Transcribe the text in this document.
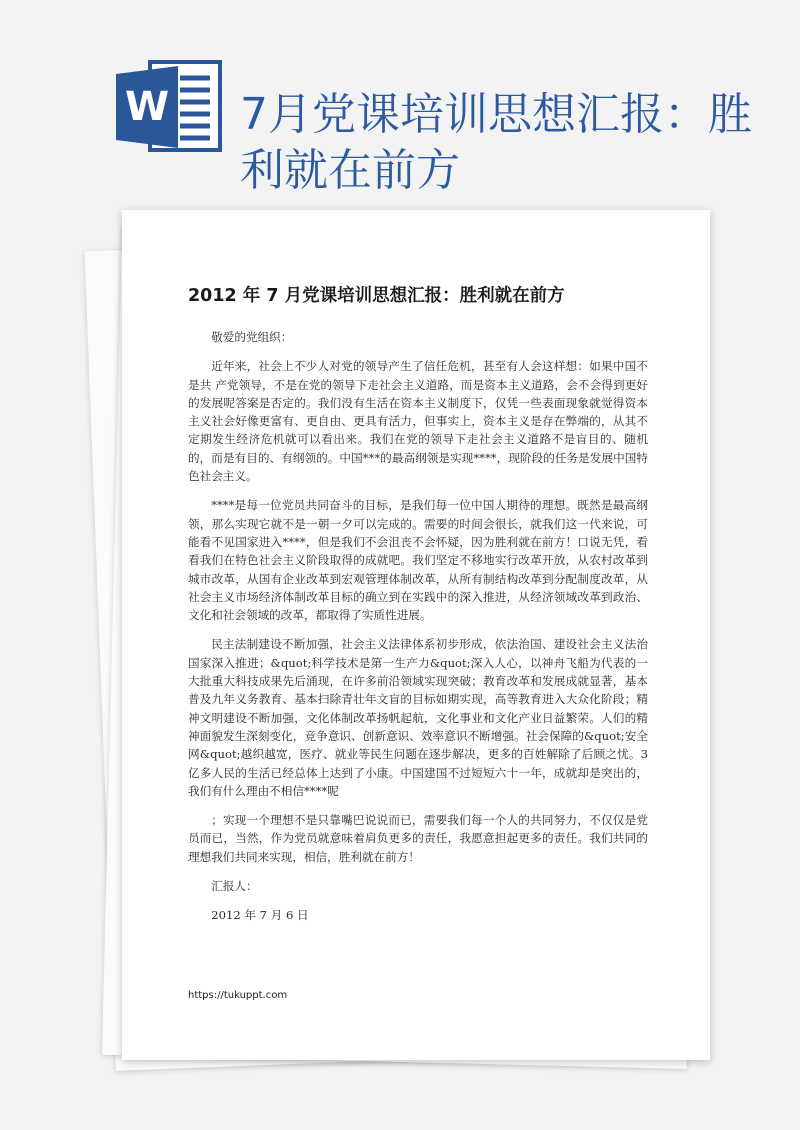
W 7月党课培训思想汇报：胜利就在前方
2012 年 7 月党课培训思想汇报：胜利就在前方

敬爱的党组织：

近年来，社会上不少人对党的领导产生了信任危机，甚至有人会这样想：如果中国不是共 产党领导，不是在党的领导下走社会主义道路，而是资本主义道路，会不会得到更好的发展呢答案是否定的。我们没有生活在资本主义制度下，仅凭一些表面现象就觉得资本主义社会好像更富有、更自由、更具有活力，但事实上，资本主义是存在弊端的，从其不定期发生经济危机就可以看出来。我们在党的领导下走社会主义道路不是盲目的、随机的，而是有目的、有纲领的。中国***的最高纲领是实现****，现阶段的任务是发展中国特色社会主义。

****是每一位党员共同奋斗的目标，是我们每一位中国人期待的理想。既然是最高纲领，那么实现它就不是一朝一夕可以完成的。需要的时间会很长，就我们这一代来说，可能看不见国家进入****，但是我们不会沮丧不会怀疑，因为胜利就在前方！口说无凭，看看我们在特色社会主义阶段取得的成就吧。我们坚定不移地实行改革开放，从农村改革到城市改革，从国有企业改革到宏观管理体制改革，从所有制结构改革到分配制度改革，从社会主义市场经济体制改革目标的确立到在实践中的深入推进，从经济领域改革到政治、文化和社会领域的改革，都取得了实质性进展。

民主法制建设不断加强，社会主义法律体系初步形成，依法治国、建设社会主义法治国家深入推进；&quot;科学技术是第一生产力&quot;深入人心，以神舟飞船为代表的一大批重大科技成果先后涌现，在许多前沿领域实现突破；教育改革和发展成就显著，基本普及九年义务教育、基本扫除青壮年文盲的目标如期实现，高等教育进入大众化阶段；精神文明建设不断加强，文化体制改革扬帆起航，文化事业和文化产业日益繁荣。人们的精神面貌发生深刻变化，竞争意识、创新意识、效率意识不断增强。社会保障的&quot;安全网&quot;越织越宽，医疗、就业等民生问题在逐步解决，更多的百姓解除了后顾之忧。3 亿多人民的生活已经总体上达到了小康。中国建国不过短短六十一年，成就却是突出的，我们有什么理由不相信****呢

；实现一个理想不是只靠嘴巴说说而已，需要我们每一个人的共同努力，不仅仅是党员而已，当然，作为党员就意味着肩负更多的责任，我愿意担起更多的责任。我们共同的理想我们共同来实现，相信，胜利就在前方！

汇报人：

2012 年 7 月 6 日

https://tukuppt.com
